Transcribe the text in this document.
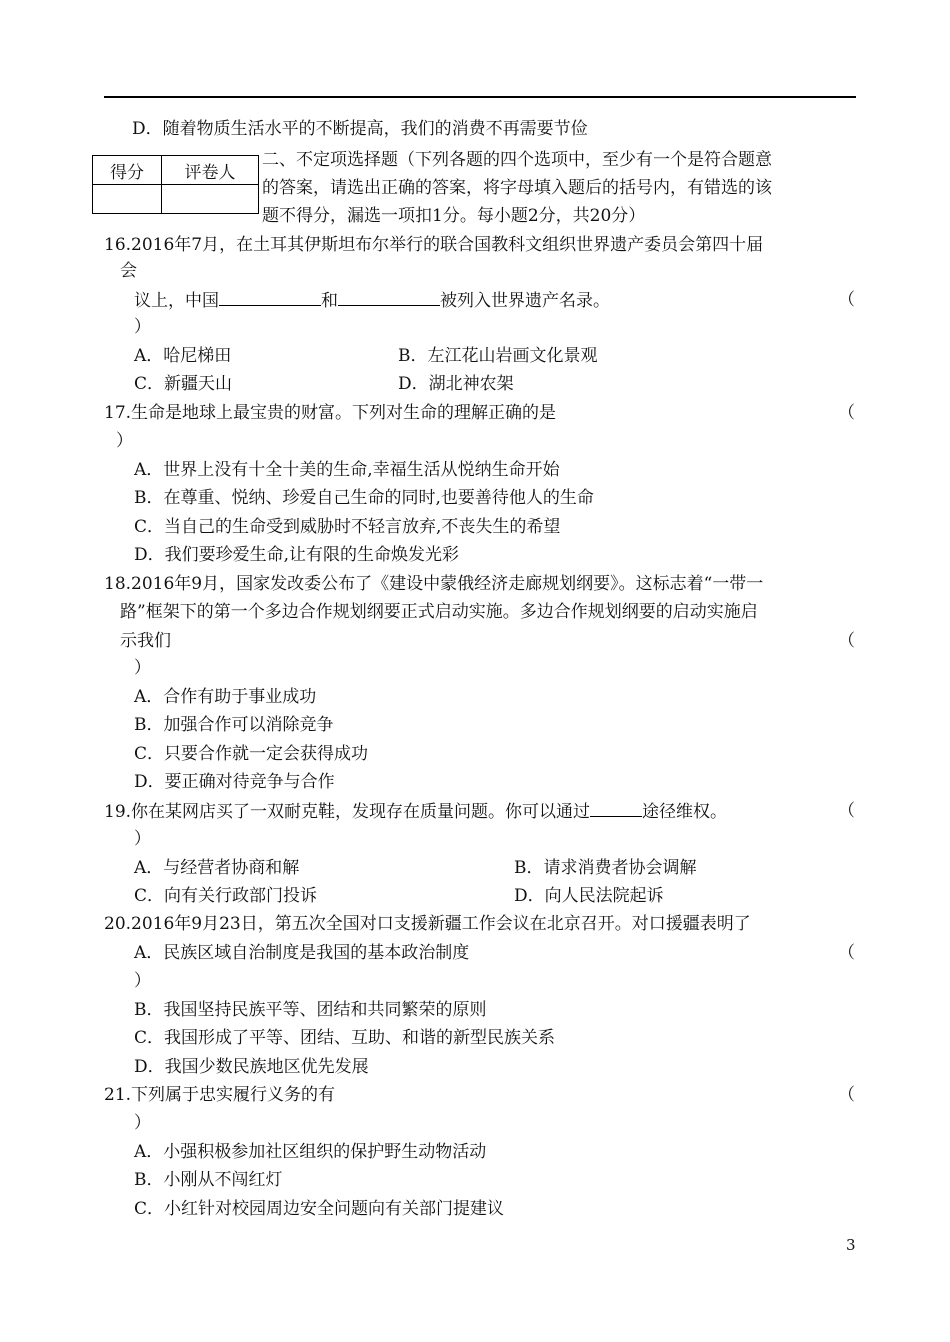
D．随着物质生活水平的不断提高，我们的消费不再需要节俭
得分	评卷人

二、不定项选择题（下列各题的四个选项中，至少有一个是符合题意
的答案，请选出正确的答案，将字母填入题后的括号内，有错选的该
题不得分，漏选一项扣1分。每小题2分，共20分）
16.2016年7月，在土耳其伊斯坦布尔举行的联合国教科文组织世界遗产委员会第四十届
会
议上，中国	和	被列入世界遗产名录。	（
）
A．哈尼梯田	B．左江花山岩画文化景观
C．新疆天山	D．湖北神农架
17.生命是地球上最宝贵的财富。下列对生命的理解正确的是	（
）
A．世界上没有十全十美的生命,幸福生活从悦纳生命开始
B．在尊重、悦纳、珍爱自己生命的同时,也要善待他人的生命
C．当自己的生命受到威胁时不轻言放弃,不丧失生的希望
D．我们要珍爱生命,让有限的生命焕发光彩
18.2016年9月，国家发改委公布了《建设中蒙俄经济走廊规划纲要》。这标志着“一带一
路”框架下的第一个多边合作规划纲要正式启动实施。多边合作规划纲要的启动实施启
示我们	（
）
A．合作有助于事业成功
B．加强合作可以消除竞争
C．只要合作就一定会获得成功
D．要正确对待竞争与合作
19.你在某网店买了一双耐克鞋，发现存在质量问题。你可以通过	途径维权。	（
）
A．与经营者协商和解	B．请求消费者协会调解
C．向有关行政部门投诉	D．向人民法院起诉
20.2016年9月23日，第五次全国对口支援新疆工作会议在北京召开。对口援疆表明了
A．民族区域自治制度是我国的基本政治制度	（
）
B．我国坚持民族平等、团结和共同繁荣的原则
C．我国形成了平等、团结、互助、和谐的新型民族关系
D．我国少数民族地区优先发展
21.下列属于忠实履行义务的有	（
）
A．小强积极参加社区组织的保护野生动物活动
B．小刚从不闯红灯
C．小红针对校园周边安全问题向有关部门提建议
3
